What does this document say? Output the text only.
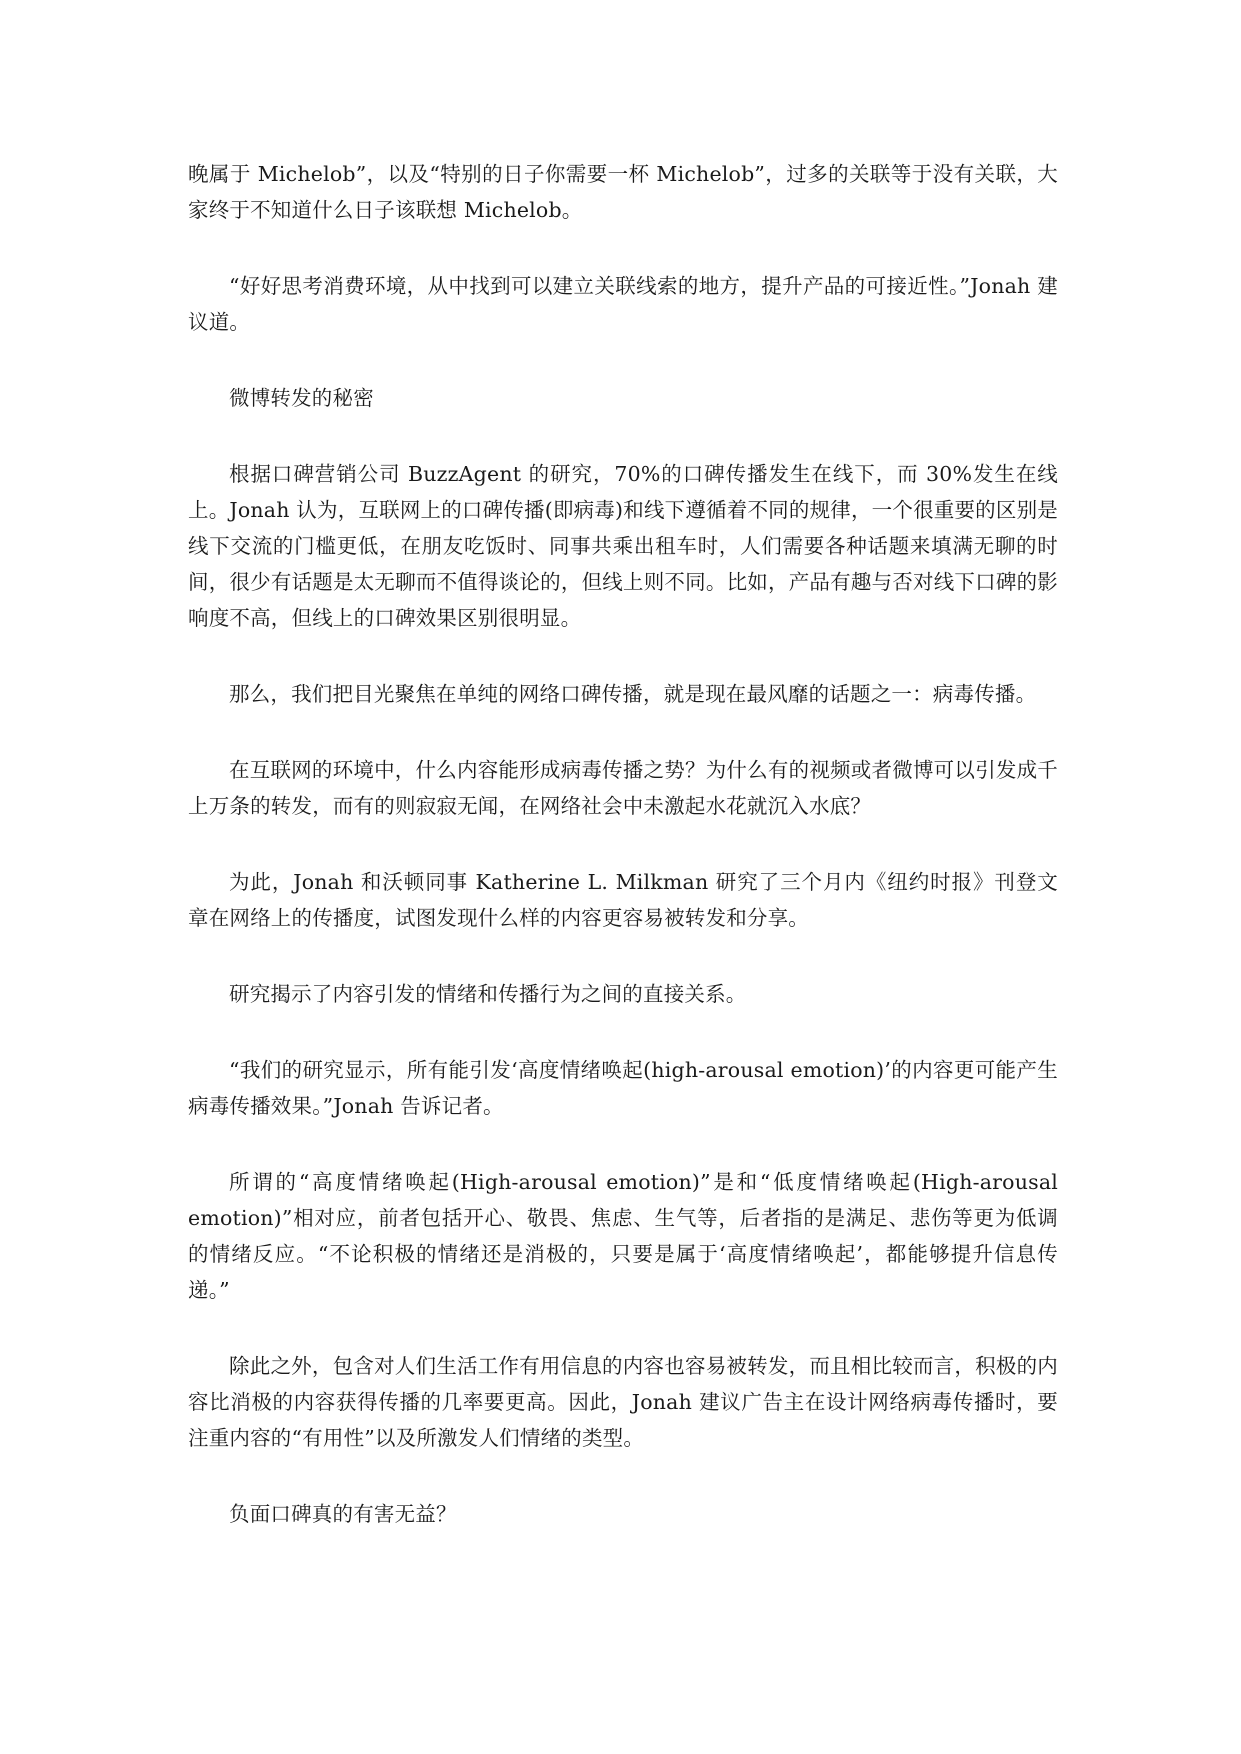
晚属于 Michelob”，以及“特别的日子你需要一杯 Michelob”，过多的关联等于没有关联，大家终于不知道什么日子该联想 Michelob。

“好好思考消费环境，从中找到可以建立关联线索的地方，提升产品的可接近性。”Jonah 建议道。

微博转发的秘密

根据口碑营销公司 BuzzAgent 的研究，70%的口碑传播发生在线下，而 30%发生在线上。Jonah 认为，互联网上的口碑传播(即病毒)和线下遵循着不同的规律，一个很重要的区别是线下交流的门槛更低，在朋友吃饭时、同事共乘出租车时，人们需要各种话题来填满无聊的时间，很少有话题是太无聊而不值得谈论的，但线上则不同。比如，产品有趣与否对线下口碑的影响度不高，但线上的口碑效果区别很明显。

那么，我们把目光聚焦在单纯的网络口碑传播，就是现在最风靡的话题之一：病毒传播。

在互联网的环境中，什么内容能形成病毒传播之势？为什么有的视频或者微博可以引发成千上万条的转发，而有的则寂寂无闻，在网络社会中未激起水花就沉入水底？

为此，Jonah 和沃顿同事 Katherine L. Milkman 研究了三个月内《纽约时报》刊登文章在网络上的传播度，试图发现什么样的内容更容易被转发和分享。

研究揭示了内容引发的情绪和传播行为之间的直接关系。

“我们的研究显示，所有能引发‘高度情绪唤起(high-arousal emotion)’的内容更可能产生病毒传播效果。”Jonah 告诉记者。

所谓的“高度情绪唤起(High-arousal emotion)”是和“低度情绪唤起(High-arousal emotion)”相对应，前者包括开心、敬畏、焦虑、生气等，后者指的是满足、悲伤等更为低调的情绪反应。“不论积极的情绪还是消极的，只要是属于‘高度情绪唤起’，都能够提升信息传递。”

除此之外，包含对人们生活工作有用信息的内容也容易被转发，而且相比较而言，积极的内容比消极的内容获得传播的几率要更高。因此，Jonah 建议广告主在设计网络病毒传播时，要注重内容的“有用性”以及所激发人们情绪的类型。

负面口碑真的有害无益？
